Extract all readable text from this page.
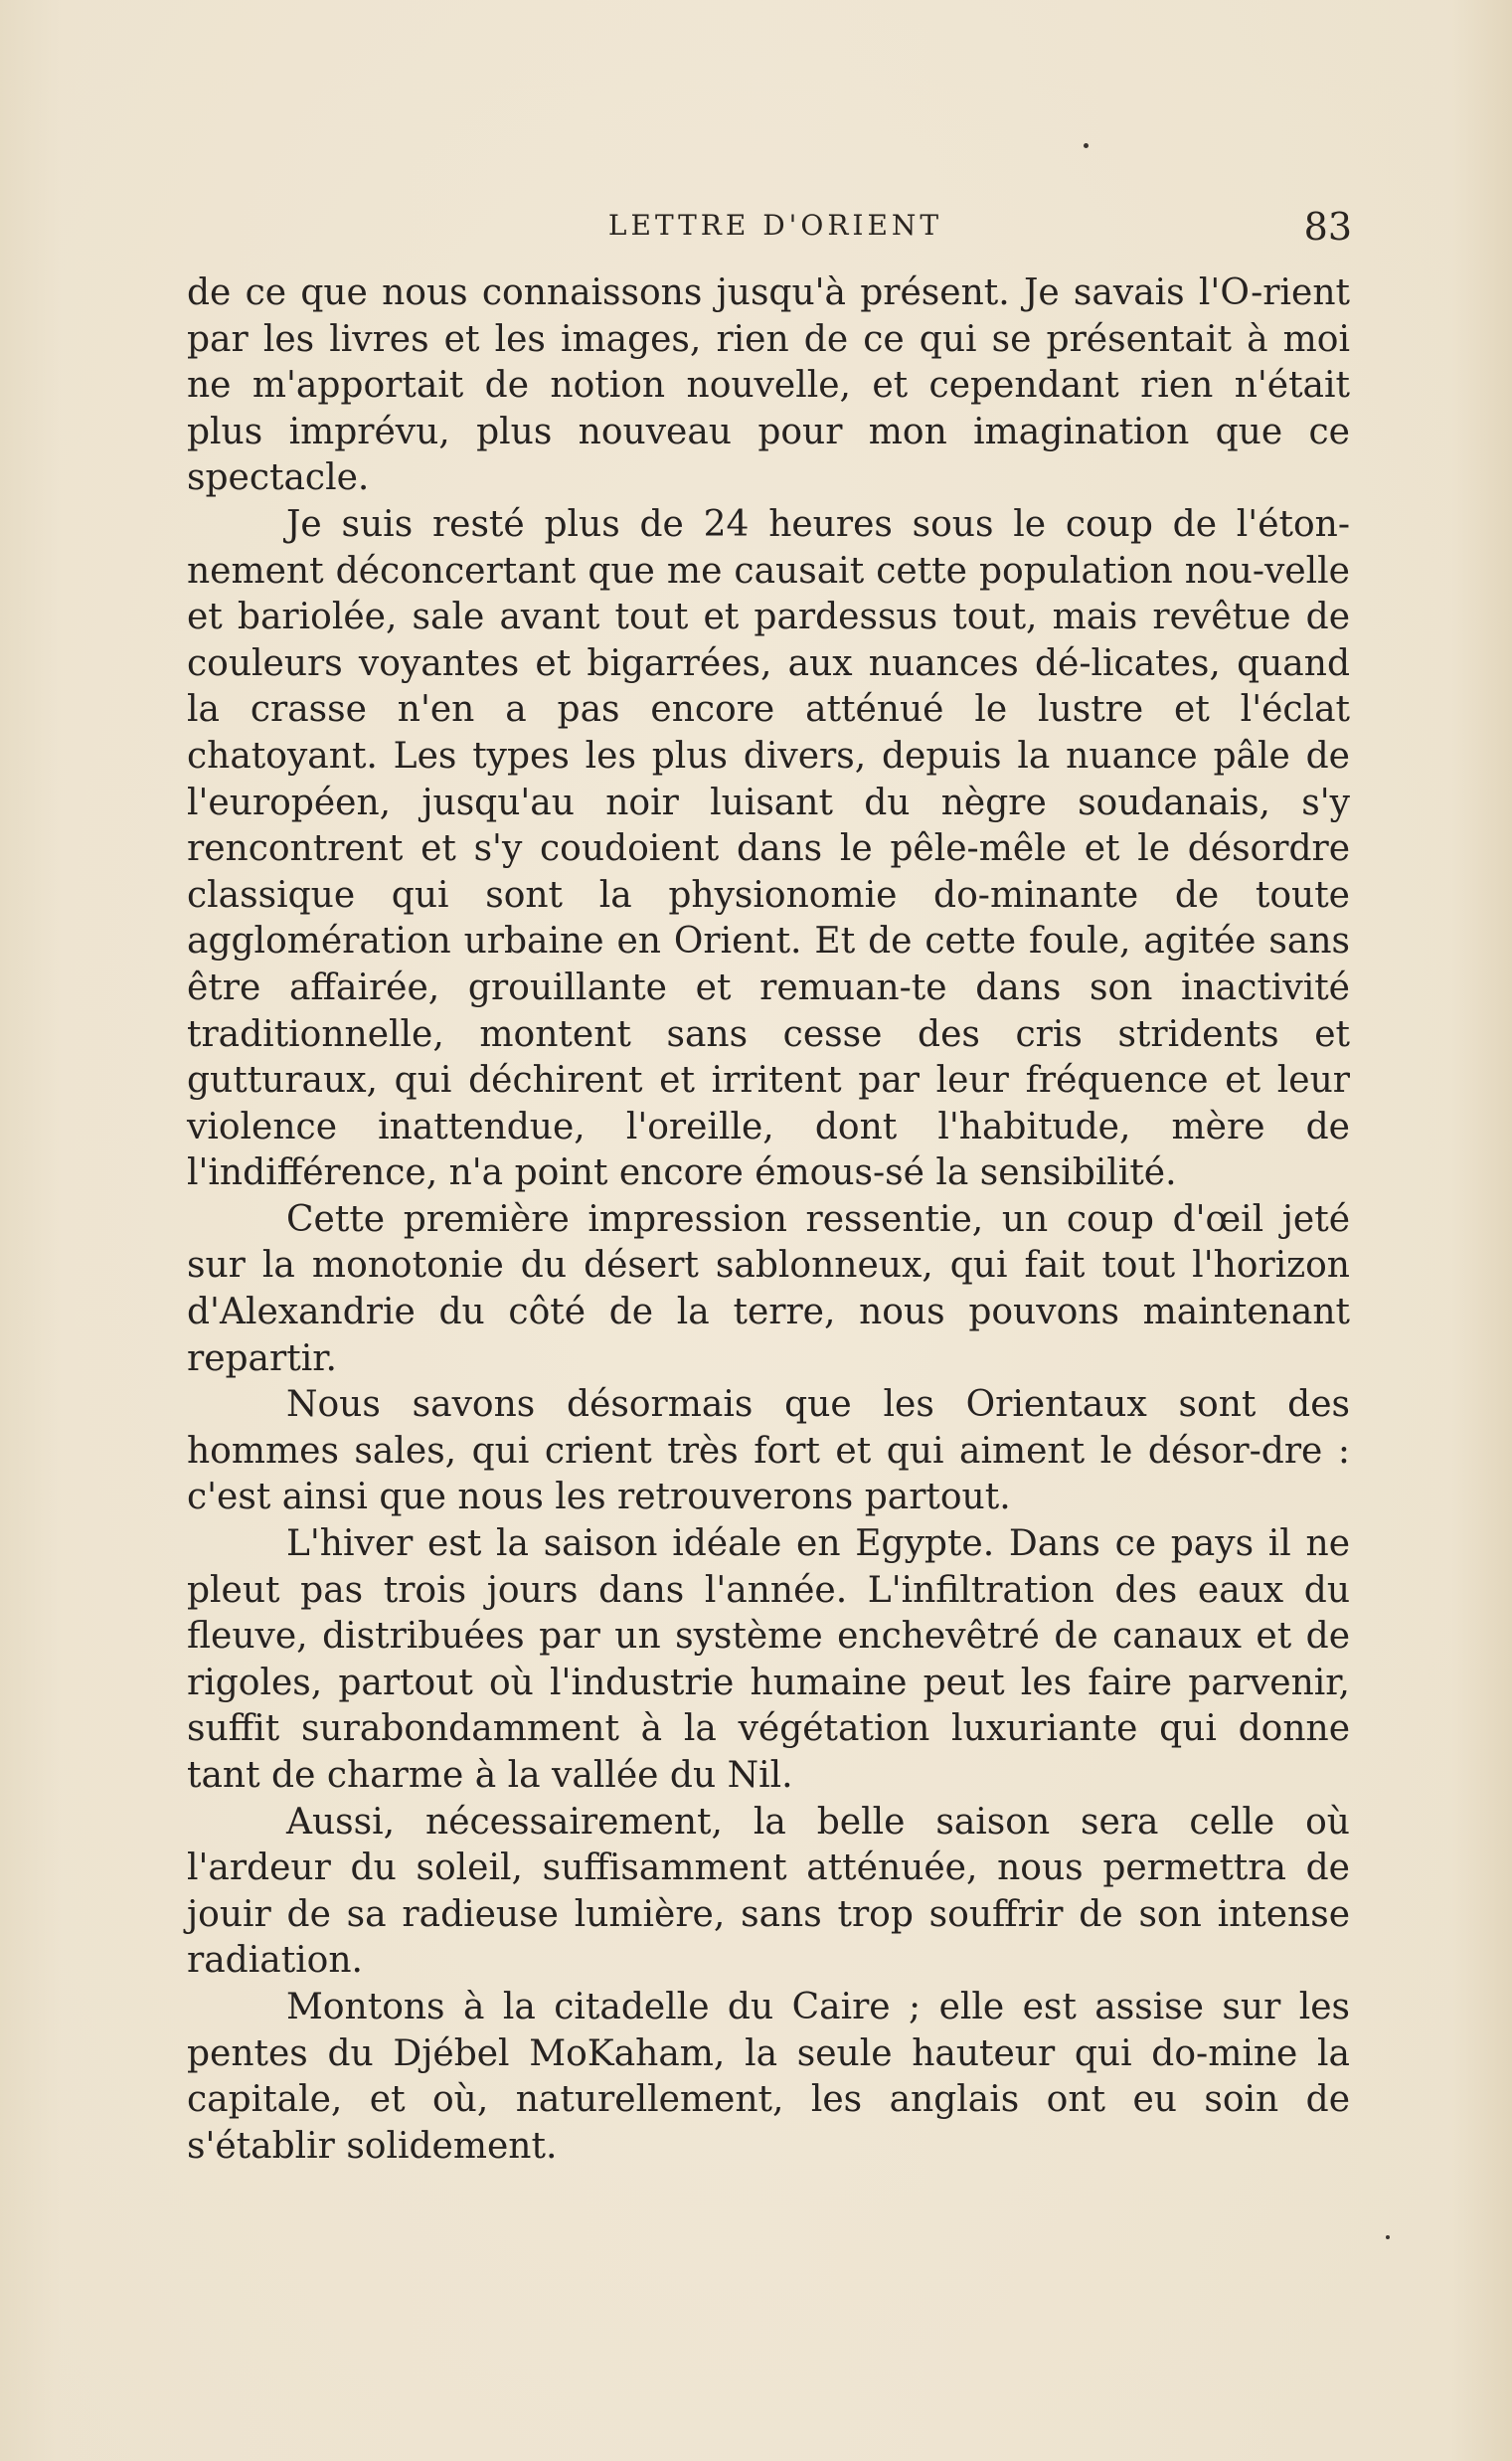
LETTRE D'ORIENT	83

de ce que nous connaissons jusqu'à présent. Je savais l'O-rient par les livres et les images, rien de ce qui se présentait à moi ne m'apportait de notion nouvelle, et cependant rien n'était plus imprévu, plus nouveau pour mon imagination que ce spectacle.

Je suis resté plus de 24 heures sous le coup de l'éton-nement déconcertant que me causait cette population nou-velle et bariolée, sale avant tout et pardessus tout, mais revêtue de couleurs voyantes et bigarrées, aux nuances dé-licates, quand la crasse n'en a pas encore atténué le lustre et l'éclat chatoyant. Les types les plus divers, depuis la nuance pâle de l'européen, jusqu'au noir luisant du nègre soudanais, s'y rencontrent et s'y coudoient dans le pêle-mêle et le désordre classique qui sont la physionomie do-minante de toute agglomération urbaine en Orient. Et de cette foule, agitée sans être affairée, grouillante et remuan-te dans son inactivité traditionnelle, montent sans cesse des cris stridents et gutturaux, qui déchirent et irritent par leur fréquence et leur violence inattendue, l'oreille, dont l'habitude, mère de l'indifférence, n'a point encore émous-sé la sensibilité.

Cette première impression ressentie, un coup d'œil jeté sur la monotonie du désert sablonneux, qui fait tout l'horizon d'Alexandrie du côté de la terre, nous pouvons maintenant repartir.

Nous savons désormais que les Orientaux sont des hommes sales, qui crient très fort et qui aiment le désor-dre : c'est ainsi que nous les retrouverons partout.

L'hiver est la saison idéale en Egypte. Dans ce pays il ne pleut pas trois jours dans l'année. L'infiltration des eaux du fleuve, distribuées par un système enchevêtré de canaux et de rigoles, partout où l'industrie humaine peut les faire parvenir, suffit surabondamment à la végétation luxuriante qui donne tant de charme à la vallée du Nil.

Aussi, nécessairement, la belle saison sera celle où l'ardeur du soleil, suffisamment atténuée, nous permettra de jouir de sa radieuse lumière, sans trop souffrir de son intense radiation.

Montons à la citadelle du Caire ; elle est assise sur les pentes du Djébel MoKaham, la seule hauteur qui do-mine la capitale, et où, naturellement, les anglais ont eu soin de s'établir solidement.
